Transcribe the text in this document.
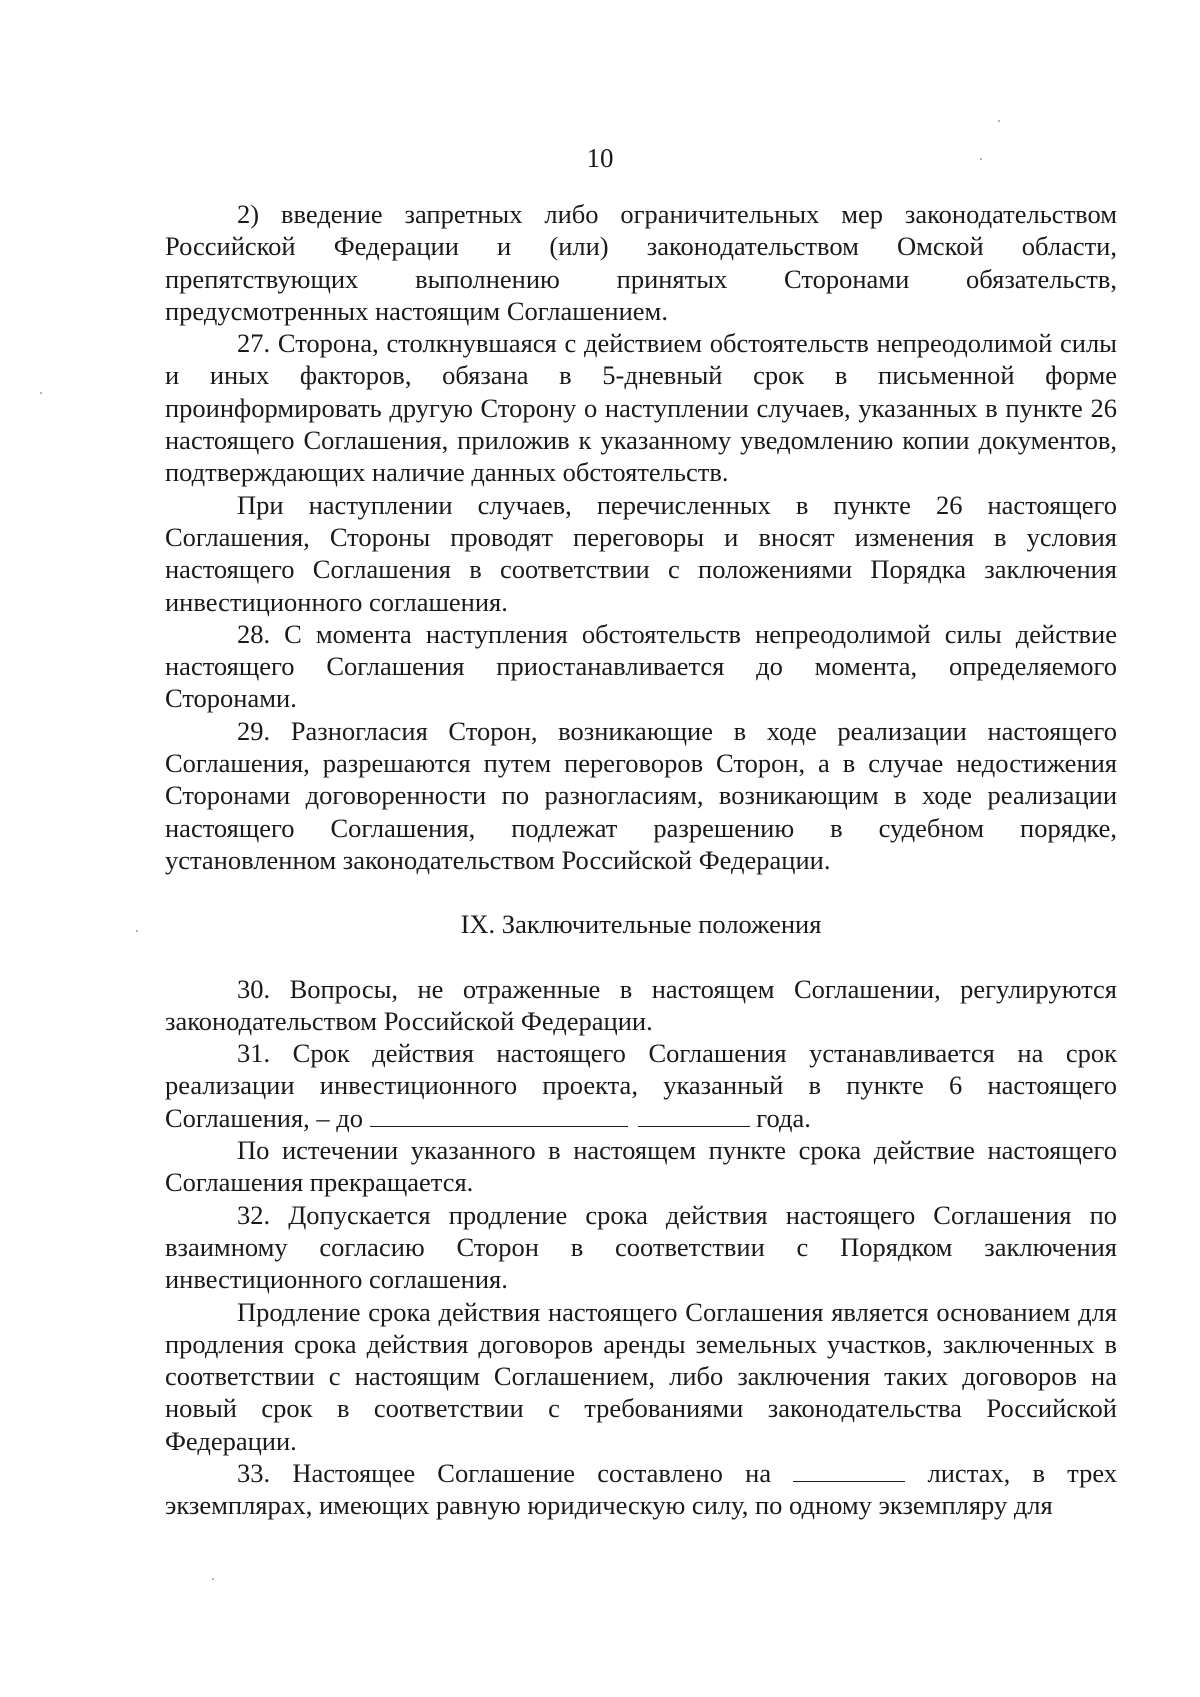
10

2) введение запретных либо ограничительных мер законодательством Российской Федерации и (или) законодательством Омской области, препятствующих выполнению принятых Сторонами обязательств, предусмотренных настоящим Соглашением.

27. Сторона, столкнувшаяся с действием обстоятельств непреодолимой силы и иных факторов, обязана в 5-дневный срок в письменной форме проинформировать другую Сторону о наступлении случаев, указанных в пункте 26 настоящего Соглашения, приложив к указанному уведомлению копии документов, подтверждающих наличие данных обстоятельств.

При наступлении случаев, перечисленных в пункте 26 настоящего Соглашения, Стороны проводят переговоры и вносят изменения в условия настоящего Соглашения в соответствии с положениями Порядка заключения инвестиционного соглашения.

28. С момента наступления обстоятельств непреодолимой силы действие настоящего Соглашения приостанавливается до момента, определяемого Сторонами.

29. Разногласия Сторон, возникающие в ходе реализации настоящего Соглашения, разрешаются путем переговоров Сторон, а в случае недостижения Сторонами договоренности по разногласиям, возникающим в ходе реализации настоящего Соглашения, подлежат разрешению в судебном порядке, установленном законодательством Российской Федерации.

IX. Заключительные положения

30. Вопросы, не отраженные в настоящем Соглашении, регулируются законодательством Российской Федерации.

31. Срок действия настоящего Соглашения устанавливается на срок реализации инвестиционного проекта, указанный в пункте 6 настоящего Соглашения, – до	года.

По истечении указанного в настоящем пункте срока действие настоящего Соглашения прекращается.

32. Допускается продление срока действия настоящего Соглашения по взаимному согласию Сторон в соответствии с Порядком заключения инвестиционного соглашения.

Продление срока действия настоящего Соглашения является основанием для продления срока действия договоров аренды земельных участков, заключенных в соответствии с настоящим Соглашением, либо заключения таких договоров на новый срок в соответствии с требованиями законодательства Российской Федерации.

33. Настоящее Соглашение составлено на	листах, в трех экземплярах, имеющих равную юридическую силу, по одному экземпляру для
